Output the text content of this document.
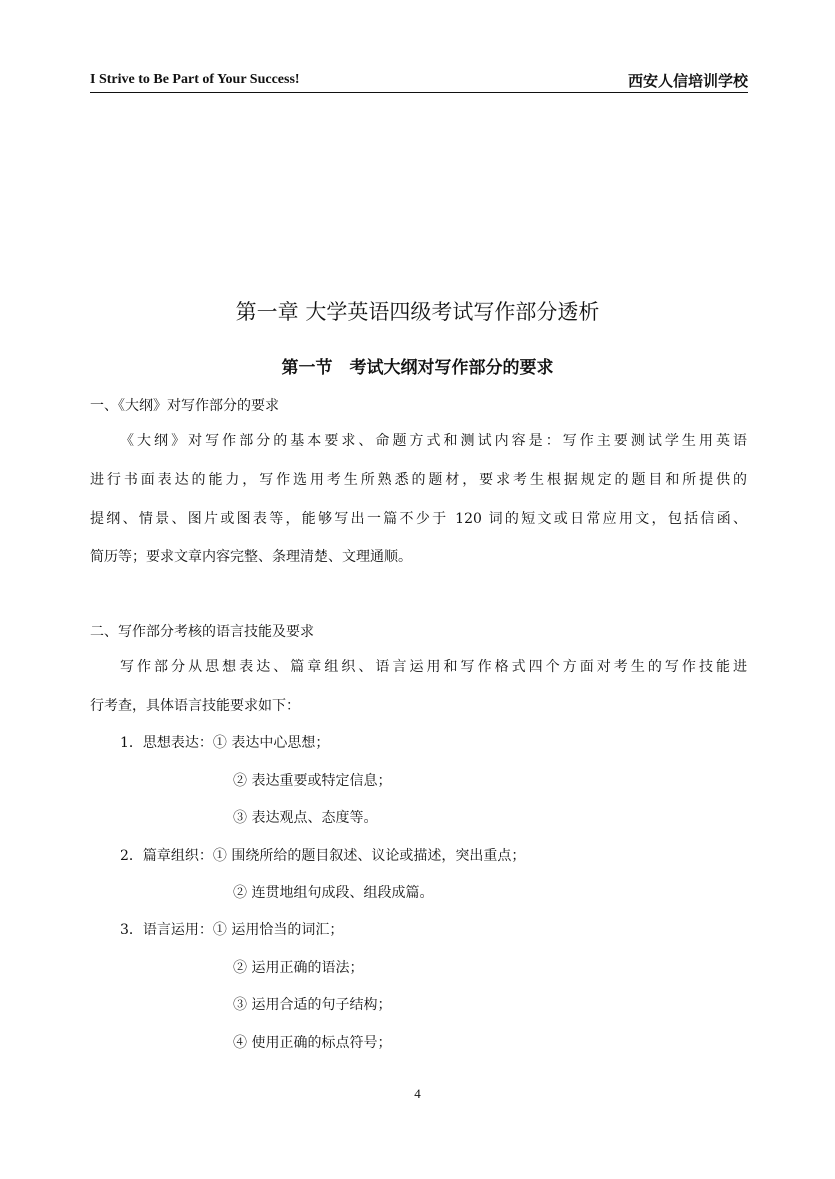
I Strive to Be Part of Your Success!	西安人信培训学校
第一章 大学英语四级考试写作部分透析
第一节　考试大纲对写作部分的要求
一、《大纲》对写作部分的要求
《大纲》对写作部分的基本要求、命题方式和测试内容是：写作主要测试学生用英语
进行书面表达的能力，写作选用考生所熟悉的题材，要求考生根据规定的题目和所提供的
提纲、情景、图片或图表等，能够写出一篇不少于 120 词的短文或日常应用文，包括信函、
简历等；要求文章内容完整、条理清楚、文理通顺。
二、写作部分考核的语言技能及要求
写作部分从思想表达、篇章组织、语言运用和写作格式四个方面对考生的写作技能进
行考查，具体语言技能要求如下：
1．思想表达：① 表达中心思想；
② 表达重要或特定信息；
③ 表达观点、态度等。
2．篇章组织：① 围绕所给的题目叙述、议论或描述，突出重点；
② 连贯地组句成段、组段成篇。
3．语言运用：① 运用恰当的词汇；
② 运用正确的语法；
③ 运用合适的句子结构；
④ 使用正确的标点符号；
4
